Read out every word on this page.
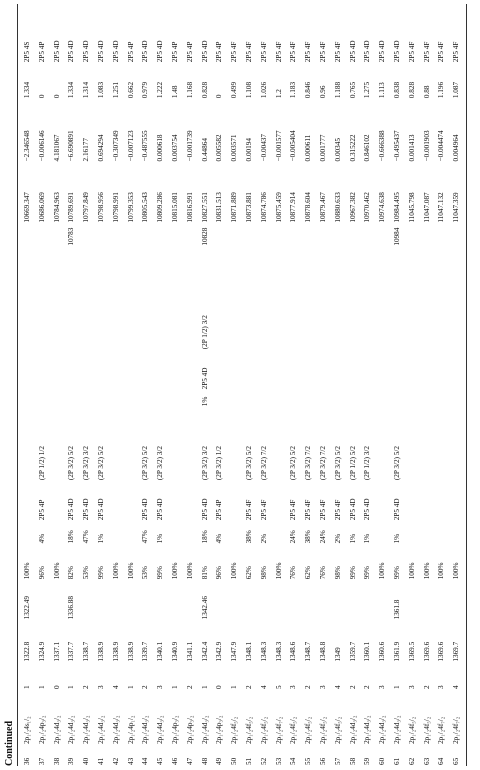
Continued 36	2p₁/₂4s₁/₂	1	1322.8	1322.49	100%								10669.347	−2.346548	1.334	2P5 4S
37	2p₁/₂4p₃/₂	1	1324.9		96%	4%	2P5 4P	(2P 1/2) 1/2					10686.069	−0.006146	0	2P5 4P
38	2p₁/₂4d₃/₂	0	1337.1		100%								10784.963	4.181067	0	2P5 4D
39	2p₁/₂4d₃/₂	1	1337.7	1336.88	82%	18%	2P5 4D	(2P 3/2) 5/2				10783	10789.691	−6.690891	1.334	2P5 4D
40	2p₁/₂4d₃/₂	2	1338.7		53%	47%	2P5 4D	(2P 3/2) 3/2					10797.849	2.16177	1.314	2P5 4D
41	2p₁/₂4d₃/₂	3	1338.9		99%	1%	2P5 4D	(2P 3/2) 5/2					10798.956	0.694294	1.083	2P5 4D
42	2p₁/₂4d₃/₂	4	1338.9		100%								10798.991	−0.307349	1.251	2P5 4D
43	2p₁/₂4p₁/₂	1	1338.9		100%								10799.353	−0.007123	0.662	2P5 4P
44	2p₁/₂4d₃/₂	2	1339.7		53%	47%	2P5 4D	(2P 3/2) 5/2					10805.543	−0.487555	0.979	2P5 4D
45	2p₁/₂4d₃/₂	3	1340.1		99%	1%	2P5 4D	(2P 3/2) 3/2					10809.286	0.000618	1.222	2P5 4D
46	2p₁/₂4p₃/₂	1	1340.9		100%								10815.081	0.003754	1.48	2P5 4P
47	2p₁/₂4p₃/₂	2	1341.1		100%								10816.991	−0.001739	1.168	2P5 4P
48	2p₁/₂4d₃/₂	1	1342.4	1342.46	81%	18%	2P5 4D	(2P 3/2) 3/2	1%	2P5 4D	(2P 1/2) 3/2	10828	10827.551	0.44864	0.828	2P5 4D
49	2p₁/₂4p₃/₂	0	1342.9		96%	4%	2P5 4P	(2P 3/2) 1/2					10831.513	0.005582	0	2P5 4P
50	2p₁/₂4f₅/₂	1	1347.9		100%								10871.889	0.003571	0.499	2P5 4F
51	2p₁/₂4f₅/₂	2	1348.1		62%	38%	2P5 4F	(2P 3/2) 5/2					10873.881	0.00194	1.108	2P5 4F
52	2p₁/₂4f₅/₂	4	1348.3		98%	2%	2P5 4F	(2P 3/2) 7/2					10874.786	−0.00437	1.026	2P5 4F
53	2p₁/₂4f₇/₂	5	1348.3		100%								10875.459	−0.001577	1.2	2P5 4F
54	2p₁/₂4f₅/₂	3	1348.6		76%	24%	2P5 4F	(2P 3/2) 5/2					10877.914	−0.005404	1.183	2P5 4F
55	2p₁/₂4f₅/₂	2	1348.7		62%	38%	2P5 4F	(2P 3/2) 7/2					10878.604	0.000611	0.846	2P5 4F
56	2p₁/₂4f₅/₂	3	1348.8		76%	24%	2P5 4F	(2P 3/2) 7/2					10879.467	0.001777	0.96	2P5 4F
57	2p₁/₂4f₅/₂	4	1349		98%	2%	2P5 4F	(2P 3/2) 5/2					10880.633	0.00345	1.188	2P5 4F
58	2p₁/₂4d₃/₂	2	1359.7		99%	1%	2P5 4D	(2P 1/2) 5/2					10967.382	0.315222	0.765	2P5 4D
59	2p₁/₂4d₃/₂	2	1360.1		99%	1%	2P5 4D	(2P 1/2) 3/2					10970.462	0.846102	1.275	2P5 4D
60	2p₁/₂4d₃/₂	3	1360.6		100%								10974.638	−0.666388	1.113	2P5 4D
61	2p₁/₂4d₃/₂	1	1361.9	1361.8	99%	1%	2P5 4D	(2P 3/2) 5/2				10984	10984.495	−0.495437	0.838	2P5 4D
62	2p₁/₂4f₅/₂	3	1369.5		100%								11045.798	0.001413	0.828	2P5 4F
63	2p₁/₂4f₅/₂	2	1369.6		100%								11047.087	−0.001903	0.88	2P5 4F
64	2p₁/₂4f₇/₂	3	1369.6		100%								11047.132	−0.004474	1.196	2P5 4F
65	2p₁/₂4f₇/₂	4	1369.7		100%								11047.359	0.004964	1.087	2P5 4F
